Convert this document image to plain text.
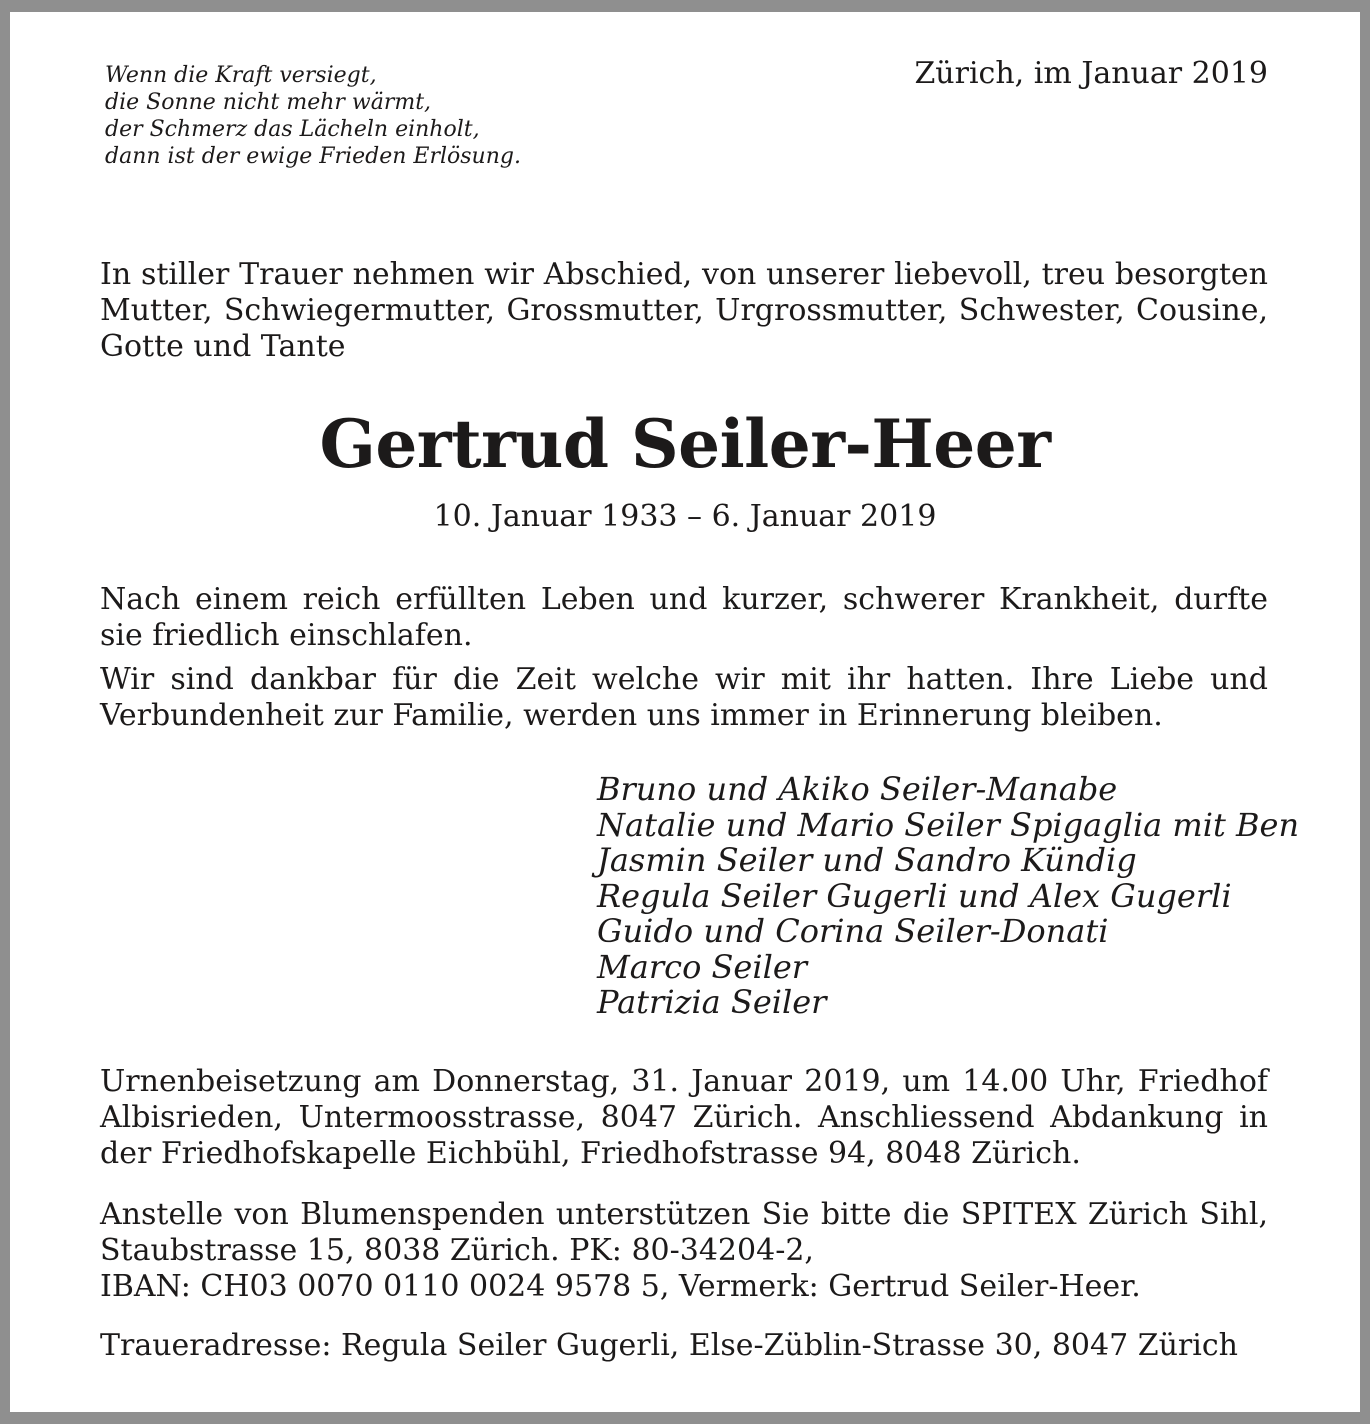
Wenn die Kraft versiegt,
die Sonne nicht mehr wärmt,
der Schmerz das Lächeln einholt,
dann ist der ewige Frieden Erlösung.
Zürich, im Januar 2019

In stiller Trauer nehmen wir Abschied, von unserer liebevoll, treu besorgten Mutter, Schwiegermutter, Grossmutter, Urgrossmutter, Schwester, Cousine, Gotte und Tante

Gertrud Seiler-Heer
10. Januar 1933 – 6. Januar 2019

Nach einem reich erfüllten Leben und kurzer, schwerer Krankheit, durfte sie friedlich einschlafen.

Wir sind dankbar für die Zeit welche wir mit ihr hatten. Ihre Liebe und Verbundenheit zur Familie, werden uns immer in Erinnerung bleiben.

Bruno und Akiko Seiler-Manabe
Natalie und Mario Seiler Spigaglia mit Ben
Jasmin Seiler und Sandro Kündig
Regula Seiler Gugerli und Alex Gugerli
Guido und Corina Seiler-Donati
Marco Seiler
Patrizia Seiler

Urnenbeisetzung am Donnerstag, 31. Januar 2019, um 14.00 Uhr, Friedhof Albisrieden, Untermoosstrasse, 8047 Zürich. Anschliessend Abdankung in der Friedhofskapelle Eichbühl, Friedhofstrasse 94, 8048 Zürich.

Anstelle von Blumenspenden unterstützen Sie bitte die SPITEX Zürich Sihl, Staubstrasse 15, 8038 Zürich. PK: 80-34204-2,
IBAN: CH03 0070 0110 0024 9578 5, Vermerk: Gertrud Seiler-Heer.

Traueradresse: Regula Seiler Gugerli, Else-Züblin-Strasse 30, 8047 Zürich
